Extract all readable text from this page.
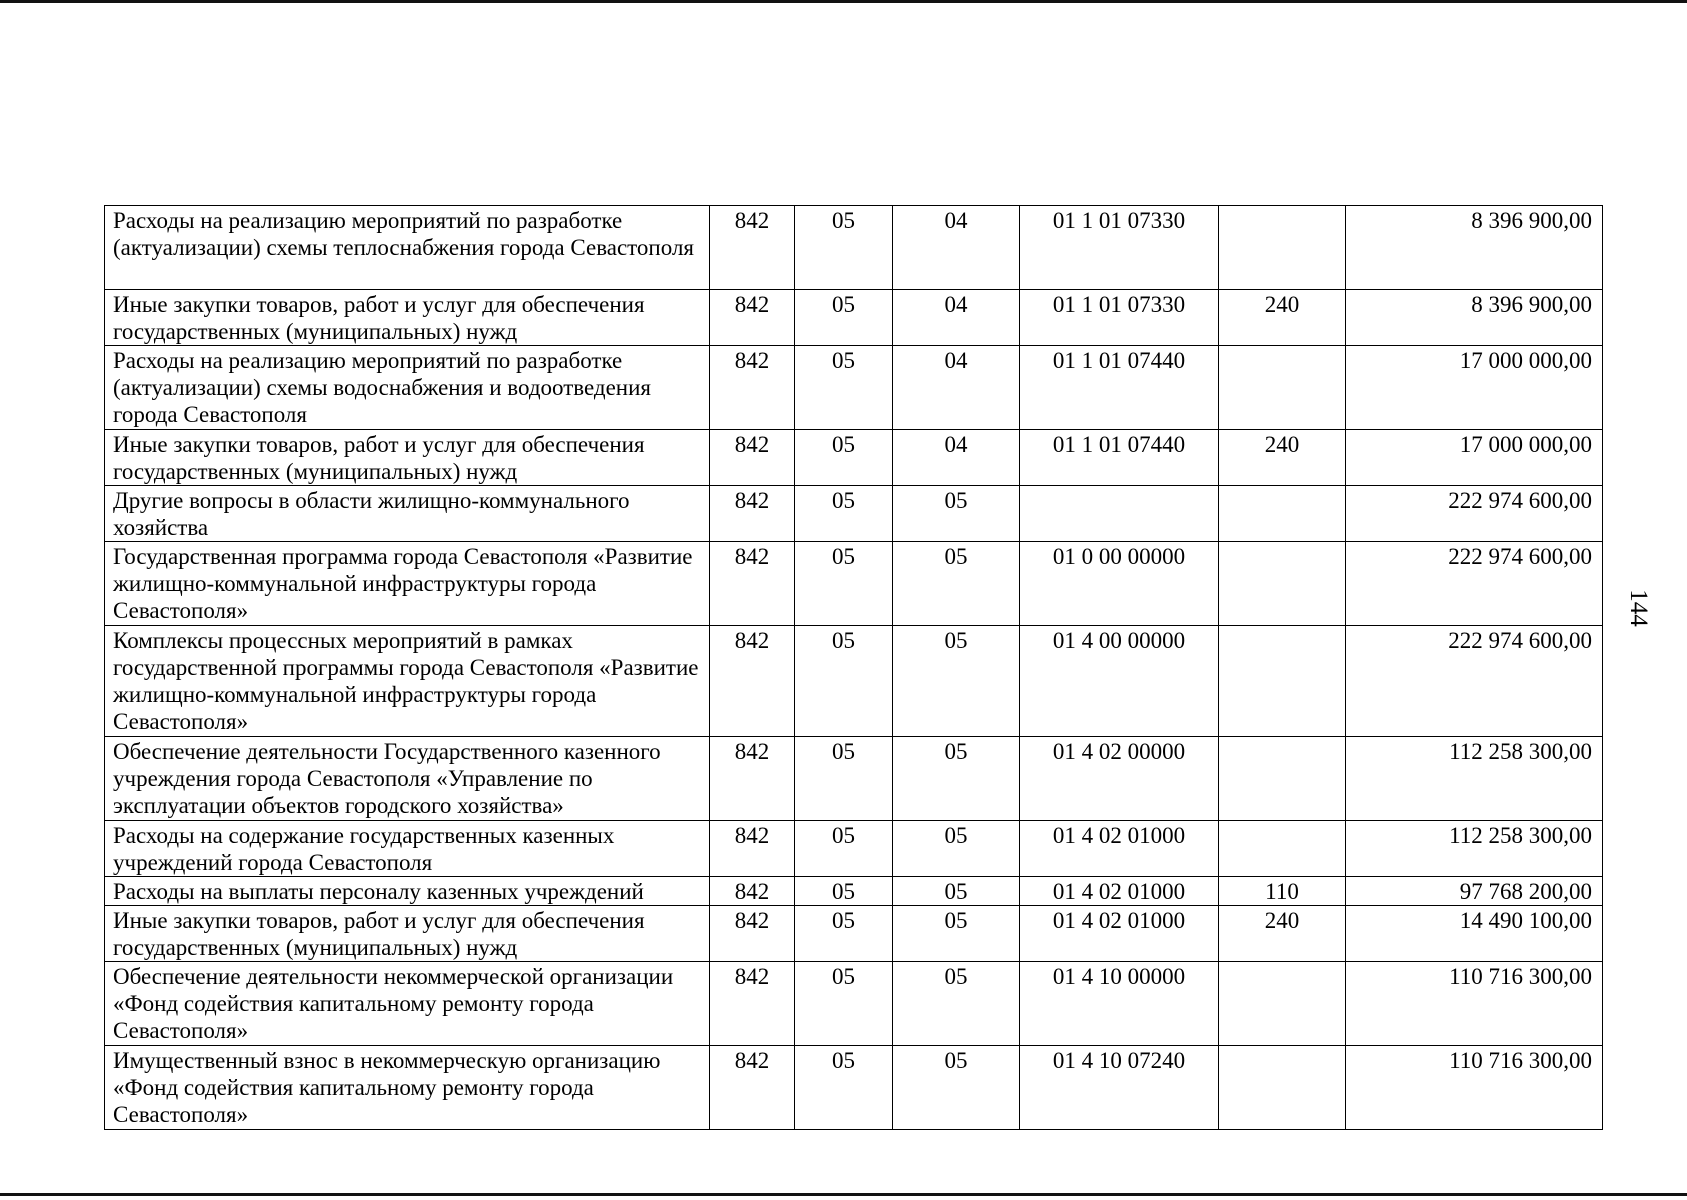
Расходы на реализацию мероприятий по разработке (актуализации) схемы теплоснабжения города Севастополя	842	05	04	01 1 01 07330		8 396 900,00
Иные закупки товаров, работ и услуг для обеспечения государственных (муниципальных) нужд	842	05	04	01 1 01 07330	240	8 396 900,00
Расходы на реализацию мероприятий по разработке (актуализации) схемы водоснабжения и водоотведения города Севастополя	842	05	04	01 1 01 07440		17 000 000,00
Иные закупки товаров, работ и услуг для обеспечения государственных (муниципальных) нужд	842	05	04	01 1 01 07440	240	17 000 000,00
Другие вопросы в области жилищно-коммунального хозяйства	842	05	05			222 974 600,00
Государственная программа города Севастополя «Развитие жилищно-коммунальной инфраструктуры города Севастополя»	842	05	05	01 0 00 00000		222 974 600,00
Комплексы процессных мероприятий в рамках государственной программы города Севастополя «Развитие жилищно-коммунальной инфраструктуры города Севастополя»	842	05	05	01 4 00 00000		222 974 600,00
Обеспечение деятельности Государственного казенного учреждения города Севастополя «Управление по эксплуатации объектов городского хозяйства»	842	05	05	01 4 02 00000		112 258 300,00
Расходы на содержание государственных казенных учреждений города Севастополя	842	05	05	01 4 02 01000		112 258 300,00
Расходы на выплаты персоналу казенных учреждений	842	05	05	01 4 02 01000	110	97 768 200,00
Иные закупки товаров, работ и услуг для обеспечения государственных (муниципальных) нужд	842	05	05	01 4 02 01000	240	14 490 100,00
Обеспечение деятельности некоммерческой организации «Фонд содействия капитальному ремонту города Севастополя»	842	05	05	01 4 10 00000		110 716 300,00
Имущественный взнос в некоммерческую организацию «Фонд содействия капитальному ремонту города Севастополя»	842	05	05	01 4 10 07240		110 716 300,00
144
